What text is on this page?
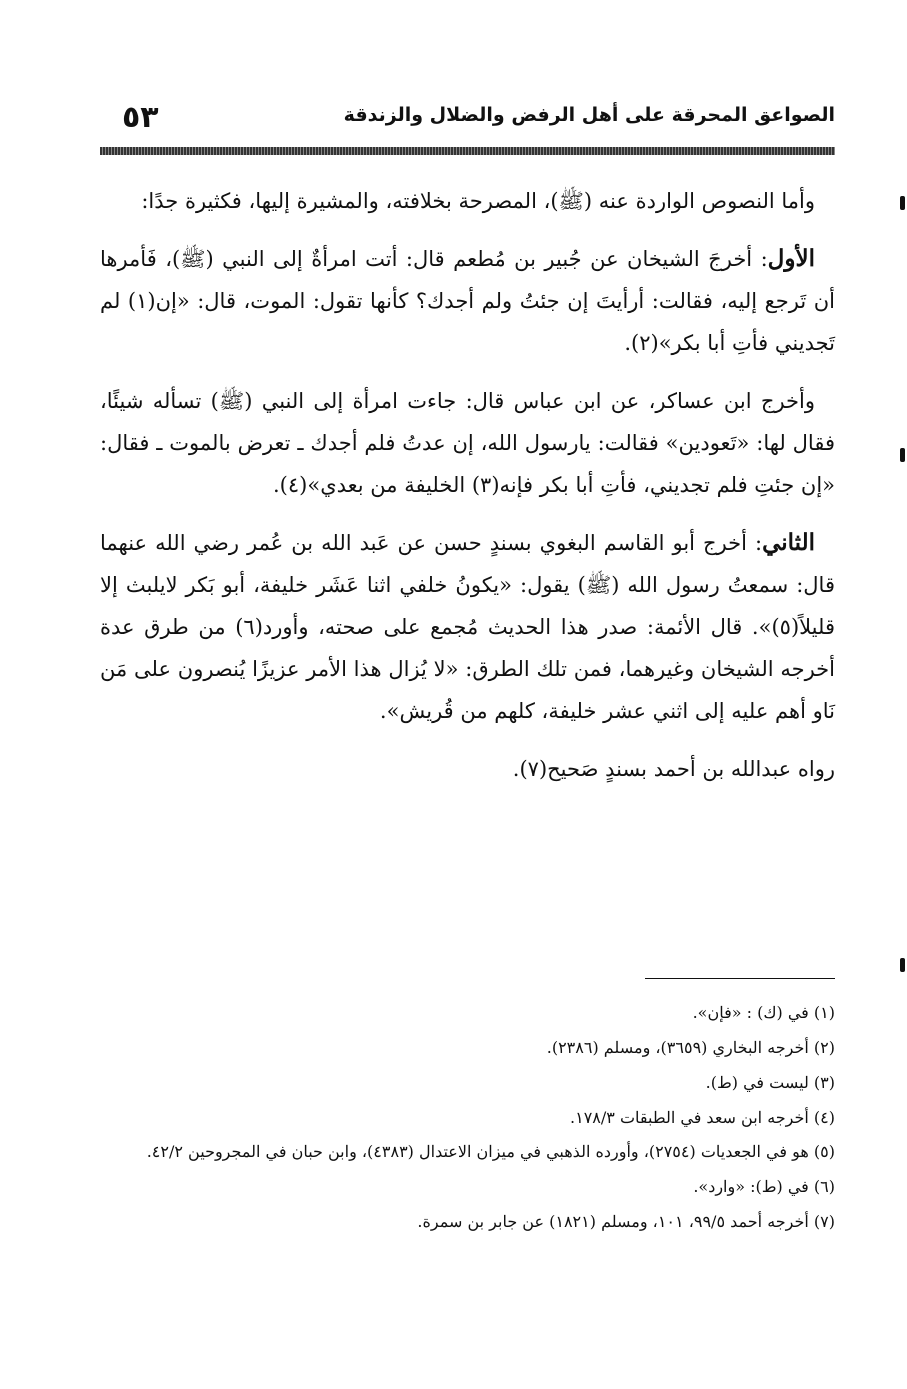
٥٣	الصواعق المحرقة على أهل الرفض والضلال والزندقة

وأما النصوص الواردة عنه (ﷺ)، المصرحة بخلافته، والمشيرة إليها، فكثيرة جدًا:

الأول: أخرجَ الشيخان عن جُبير بن مُطعم قال: أتت امرأةٌ إلى النبي (ﷺ)، فَأمرها أن تَرجع إليه، فقالت: أرأيتَ إن جئتُ ولم أجدك؟ كأنها تقول: الموت، قال: «إن(١) لم تَجديني فأتِ أبا بكر»(٢).

وأخرج ابن عساكر، عن ابن عباس قال: جاءت امرأة إلى النبي (ﷺ) تسأله شيئًا، فقال لها: «تَعودين» فقالت: يارسول الله، إن عدتُ فلم أجدك ـ تعرض بالموت ـ فقال: «إن جئتِ فلم تجديني، فأتِ أبا بكر فإنه(٣) الخليفة من بعدي»(٤).

الثاني: أخرج أبو القاسم البغوي بسندٍ حسن عن عَبد الله بن عُمر رضي الله عنهما قال: سمعتُ رسول الله (ﷺ) يقول: «يكونُ خلفي اثنا عَشَر خليفة، أبو بَكر لايلبث إلا قليلاً(٥)». قال الأئمة: صدر هذا الحديث مُجمع على صحته، وأورد(٦) من طرق عدة أخرجه الشيخان وغيرهما، فمن تلك الطرق: «لا يُزال هذا الأمر عزيزًا يُنصرون على مَن نَاو أهم عليه إلى اثني عشر خليفة، كلهم من قُريش».

رواه عبدالله بن أحمد بسندٍ صَحيح(٧).

(١) في (ك) : «فإن».

(٢) أخرجه البخاري (٣٦٥٩)، ومسلم (٢٣٨٦).

(٣) ليست في (ط).

(٤) أخرجه ابن سعد في الطبقات ١٧٨/٣.

(٥) هو في الجعديات (٢٧٥٤)، وأورده الذهبي في ميزان الاعتدال (٤٣٨٣)، وابن حبان في المجروحين ٤٢/٢.

(٦) في (ط): «وارد».

(٧) أخرجه أحمد ٩٩/٥، ١٠١، ومسلم (١٨٢١) عن جابر بن سمرة.
